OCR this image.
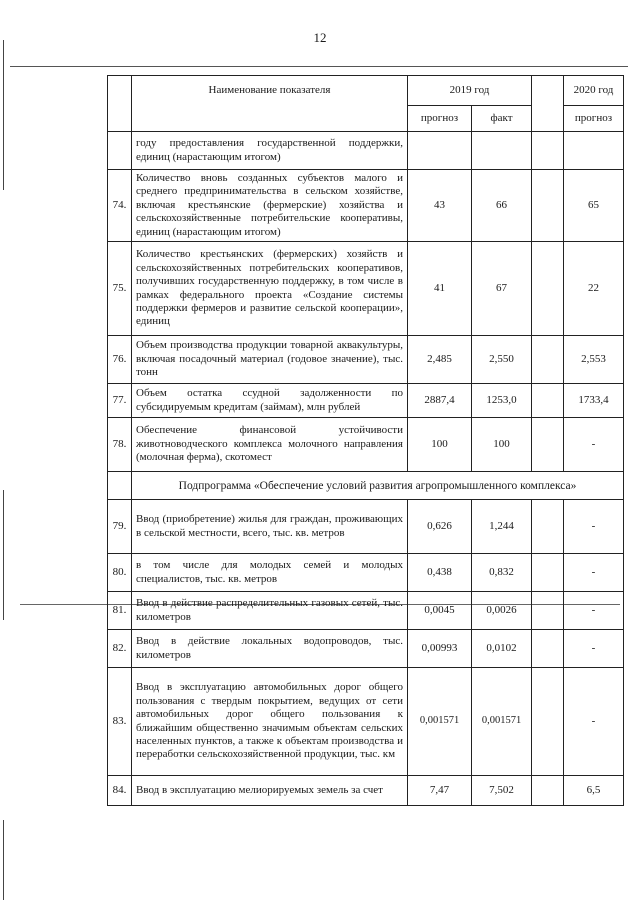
12
	Наименование показателя	2019 год			2020 год
		прогноз	факт		прогноз
	году предоставления государственной поддержки, единиц (нарастающим итогом)				
74.	Количество вновь созданных субъектов малого и среднего предпринимательства в сельском хозяйстве, включая крестьянские (фермерские) хозяйства и сельскохозяйственные потребительские кооперативы, единиц (нарастающим итогом)	43	66		65
75.	Количество крестьянских (фермерских) хозяйств и сельскохозяйственных потребительских кооперативов, получивших государственную поддержку, в том числе в рамках федерального проекта «Создание системы поддержки фермеров и развитие сельской кооперации», единиц	41	67		22
76.	Объем производства продукции товарной аквакультуры, включая посадочный материал (годовое значение), тыс. тонн	2,485	2,550		2,553
77.	Объем остатка ссудной задолженности по субсидируемым кредитам (займам), млн рублей	2887,4	1253,0		1733,4
78.	Обеспечение финансовой устойчивости животноводческого комплекса молочного направления (молочная ферма), скотомест	100	100		-
	Подпрограмма «Обеспечение условий развития агропромышленного комплекса»				
79.	Ввод (приобретение) жилья для граждан, проживающих в сельской местности, всего, тыс. кв. метров	0,626	1,244		-
80.	в том числе для молодых семей и молодых специалистов, тыс. кв. метров	0,438	0,832		-
81.	Ввод в действие распределительных газовых сетей, тыс. километров	0,0045	0,0026		-
82.	Ввод в действие локальных водопроводов, тыс. километров	0,00993	0,0102		-
83.	Ввод в эксплуатацию автомобильных дорог общего пользования с твердым покрытием, ведущих от сети автомобильных дорог общего пользования к ближайшим общественно значимым объектам сельских населенных пунктов, а также к объектам производства и переработки сельскохозяйственной продукции, тыс. км	0,001571	0,001571		-
84.	Ввод в эксплуатацию мелиорируемых земель за счет	7,47	7,502		6,5
